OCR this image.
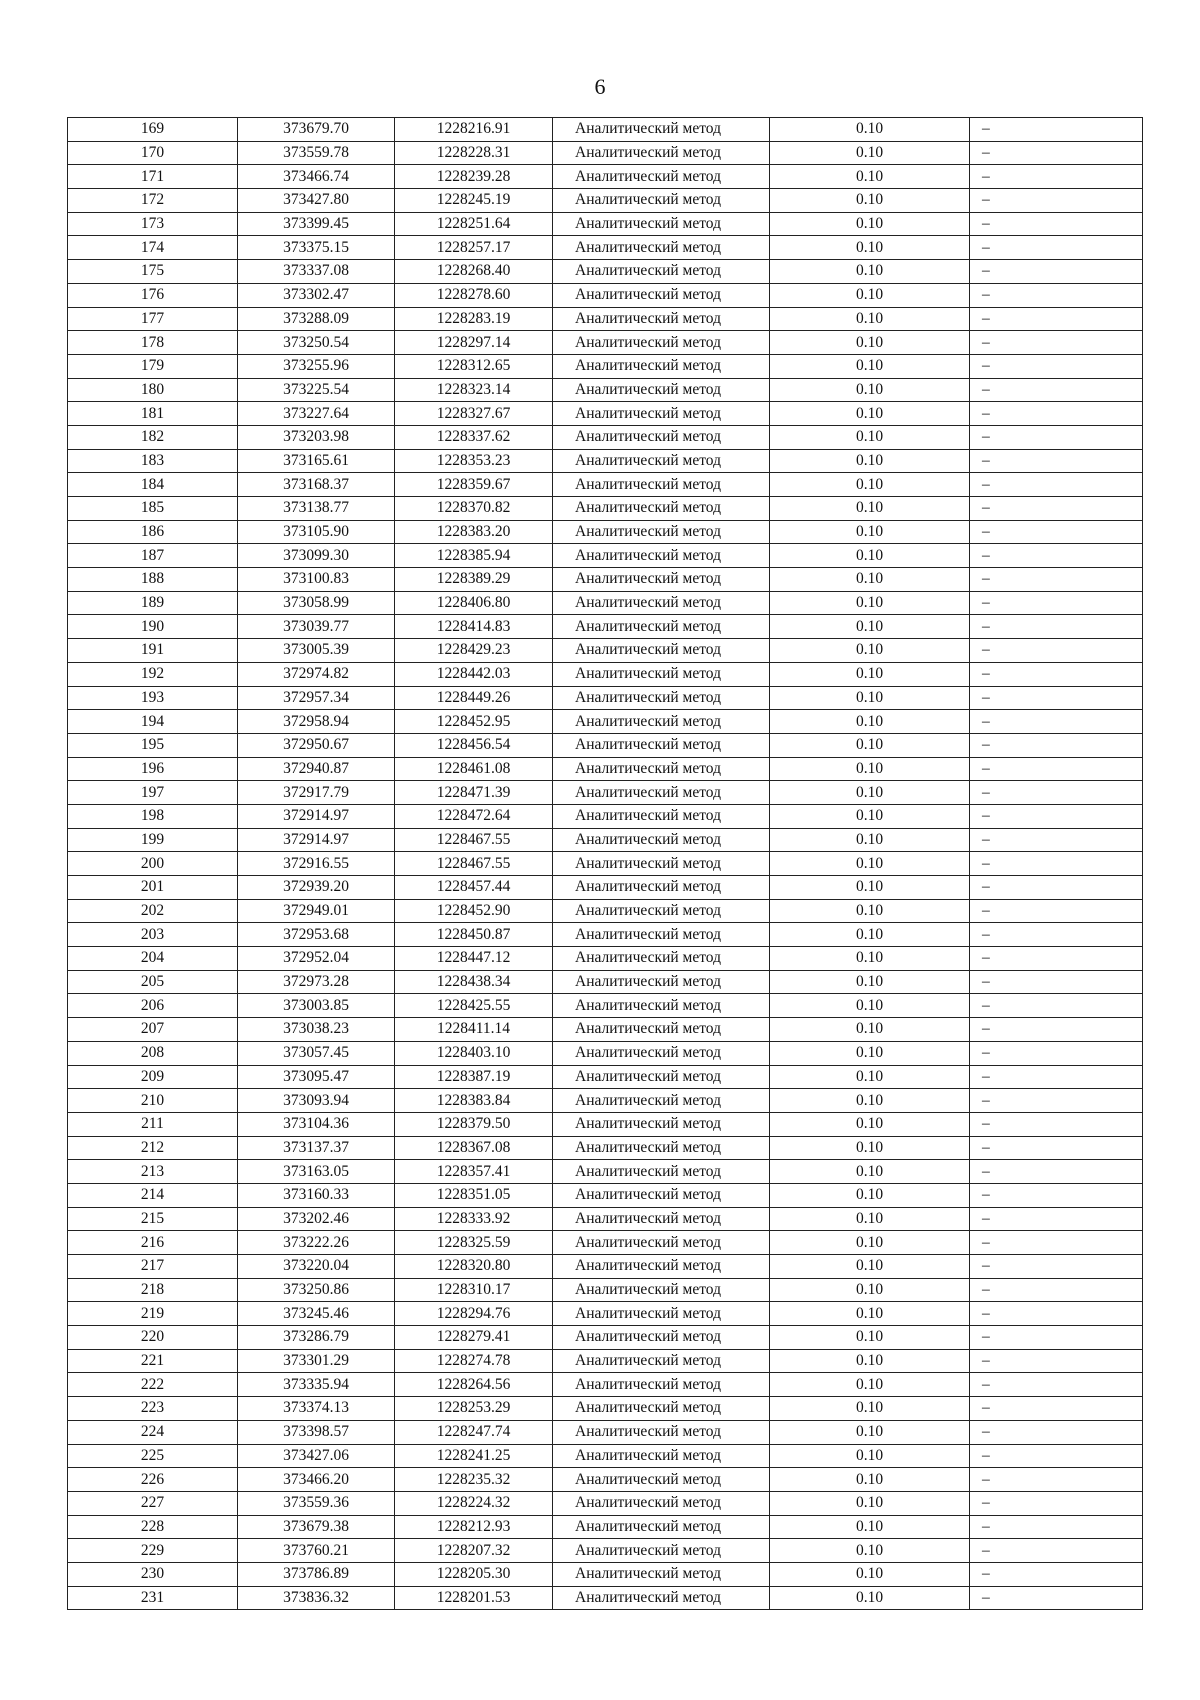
6
169	373679.70	1228216.91	Аналитический метод	0.10	–
170	373559.78	1228228.31	Аналитический метод	0.10	–
171	373466.74	1228239.28	Аналитический метод	0.10	–
172	373427.80	1228245.19	Аналитический метод	0.10	–
173	373399.45	1228251.64	Аналитический метод	0.10	–
174	373375.15	1228257.17	Аналитический метод	0.10	–
175	373337.08	1228268.40	Аналитический метод	0.10	–
176	373302.47	1228278.60	Аналитический метод	0.10	–
177	373288.09	1228283.19	Аналитический метод	0.10	–
178	373250.54	1228297.14	Аналитический метод	0.10	–
179	373255.96	1228312.65	Аналитический метод	0.10	–
180	373225.54	1228323.14	Аналитический метод	0.10	–
181	373227.64	1228327.67	Аналитический метод	0.10	–
182	373203.98	1228337.62	Аналитический метод	0.10	–
183	373165.61	1228353.23	Аналитический метод	0.10	–
184	373168.37	1228359.67	Аналитический метод	0.10	–
185	373138.77	1228370.82	Аналитический метод	0.10	–
186	373105.90	1228383.20	Аналитический метод	0.10	–
187	373099.30	1228385.94	Аналитический метод	0.10	–
188	373100.83	1228389.29	Аналитический метод	0.10	–
189	373058.99	1228406.80	Аналитический метод	0.10	–
190	373039.77	1228414.83	Аналитический метод	0.10	–
191	373005.39	1228429.23	Аналитический метод	0.10	–
192	372974.82	1228442.03	Аналитический метод	0.10	–
193	372957.34	1228449.26	Аналитический метод	0.10	–
194	372958.94	1228452.95	Аналитический метод	0.10	–
195	372950.67	1228456.54	Аналитический метод	0.10	–
196	372940.87	1228461.08	Аналитический метод	0.10	–
197	372917.79	1228471.39	Аналитический метод	0.10	–
198	372914.97	1228472.64	Аналитический метод	0.10	–
199	372914.97	1228467.55	Аналитический метод	0.10	–
200	372916.55	1228467.55	Аналитический метод	0.10	–
201	372939.20	1228457.44	Аналитический метод	0.10	–
202	372949.01	1228452.90	Аналитический метод	0.10	–
203	372953.68	1228450.87	Аналитический метод	0.10	–
204	372952.04	1228447.12	Аналитический метод	0.10	–
205	372973.28	1228438.34	Аналитический метод	0.10	–
206	373003.85	1228425.55	Аналитический метод	0.10	–
207	373038.23	1228411.14	Аналитический метод	0.10	–
208	373057.45	1228403.10	Аналитический метод	0.10	–
209	373095.47	1228387.19	Аналитический метод	0.10	–
210	373093.94	1228383.84	Аналитический метод	0.10	–
211	373104.36	1228379.50	Аналитический метод	0.10	–
212	373137.37	1228367.08	Аналитический метод	0.10	–
213	373163.05	1228357.41	Аналитический метод	0.10	–
214	373160.33	1228351.05	Аналитический метод	0.10	–
215	373202.46	1228333.92	Аналитический метод	0.10	–
216	373222.26	1228325.59	Аналитический метод	0.10	–
217	373220.04	1228320.80	Аналитический метод	0.10	–
218	373250.86	1228310.17	Аналитический метод	0.10	–
219	373245.46	1228294.76	Аналитический метод	0.10	–
220	373286.79	1228279.41	Аналитический метод	0.10	–
221	373301.29	1228274.78	Аналитический метод	0.10	–
222	373335.94	1228264.56	Аналитический метод	0.10	–
223	373374.13	1228253.29	Аналитический метод	0.10	–
224	373398.57	1228247.74	Аналитический метод	0.10	–
225	373427.06	1228241.25	Аналитический метод	0.10	–
226	373466.20	1228235.32	Аналитический метод	0.10	–
227	373559.36	1228224.32	Аналитический метод	0.10	–
228	373679.38	1228212.93	Аналитический метод	0.10	–
229	373760.21	1228207.32	Аналитический метод	0.10	–
230	373786.89	1228205.30	Аналитический метод	0.10	–
231	373836.32	1228201.53	Аналитический метод	0.10	–
